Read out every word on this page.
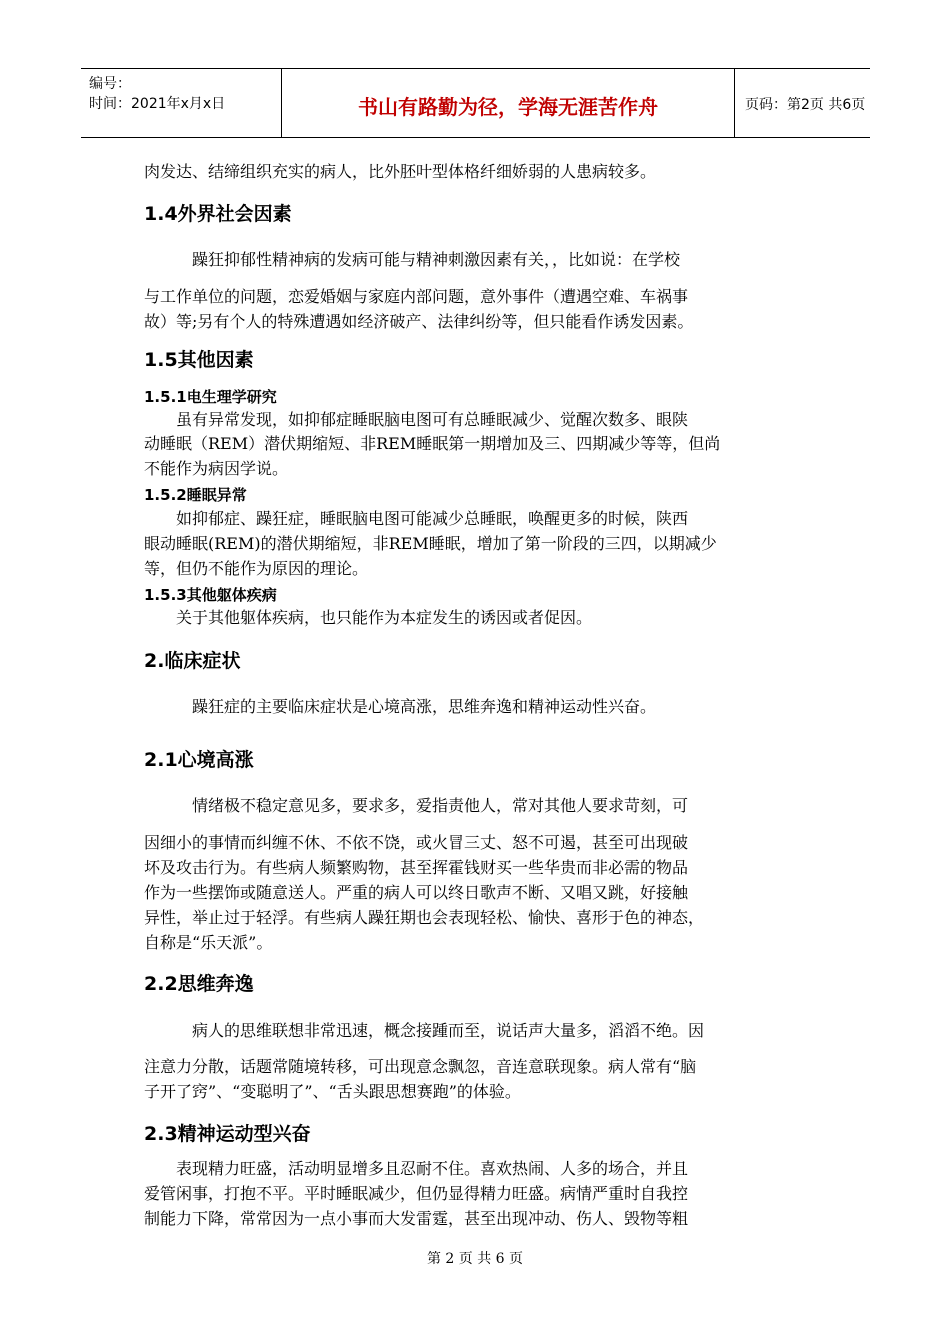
编号：
时间：2021年x月x日	书山有路勤为径，学海无涯苦作舟	页码：第2页 共6页
肉发达、结缔组织充实的病人，比外胚叶型体格纤细娇弱的人患病较多。
1.4外界社会因素
躁狂抑郁性精神病的发病可能与精神刺激因素有关，，比如说：在学校
与工作单位的问题，恋爱婚姻与家庭内部问题，意外事件（遭遇空难、车祸事
故）等;另有个人的特殊遭遇如经济破产、法律纠纷等，但只能看作诱发因素。
1.5其他因素
1.5.1电生理学研究
虽有异常发现，如抑郁症睡眠脑电图可有总睡眠减少、觉醒次数多、眼陕
动睡眠（REM）潜伏期缩短、非REM睡眠第一期增加及三、四期减少等等，但尚
不能作为病因学说。
1.5.2睡眠异常
如抑郁症、躁狂症，睡眠脑电图可能减少总睡眠，唤醒更多的时候，陕西
眼动睡眠(REM)的潜伏期缩短，非REM睡眠，增加了第一阶段的三四，以期减少
等，但仍不能作为原因的理论。
1.5.3其他躯体疾病
关于其他躯体疾病，也只能作为本症发生的诱因或者促因。
2.临床症状
躁狂症的主要临床症状是心境高涨，思维奔逸和精神运动性兴奋。
2.1心境高涨
情绪极不稳定意见多，要求多，爱指责他人，常对其他人要求苛刻，可
因细小的事情而纠缠不休、不依不饶，或火冒三丈、怒不可遏，甚至可出现破
坏及攻击行为。有些病人频繁购物，甚至挥霍钱财买一些华贵而非必需的物品
作为一些摆饰或随意送人。严重的病人可以终日歌声不断、又唱又跳，好接触
异性，举止过于轻浮。有些病人躁狂期也会表现轻松、愉快、喜形于色的神态，
自称是“乐天派”。
2.2思维奔逸
病人的思维联想非常迅速，概念接踵而至，说话声大量多，滔滔不绝。因
注意力分散，话题常随境转移，可出现意念飘忽，音连意联现象。病人常有“脑
子开了窍”、“变聪明了”、“舌头跟思想赛跑”的体验。
2.3精神运动型兴奋
表现精力旺盛，活动明显增多且忍耐不住。喜欢热闹、人多的场合，并且
爱管闲事，打抱不平。平时睡眠减少，但仍显得精力旺盛。病情严重时自我控
制能力下降，常常因为一点小事而大发雷霆，甚至出现冲动、伤人、毁物等粗
第 2 页 共 6 页
